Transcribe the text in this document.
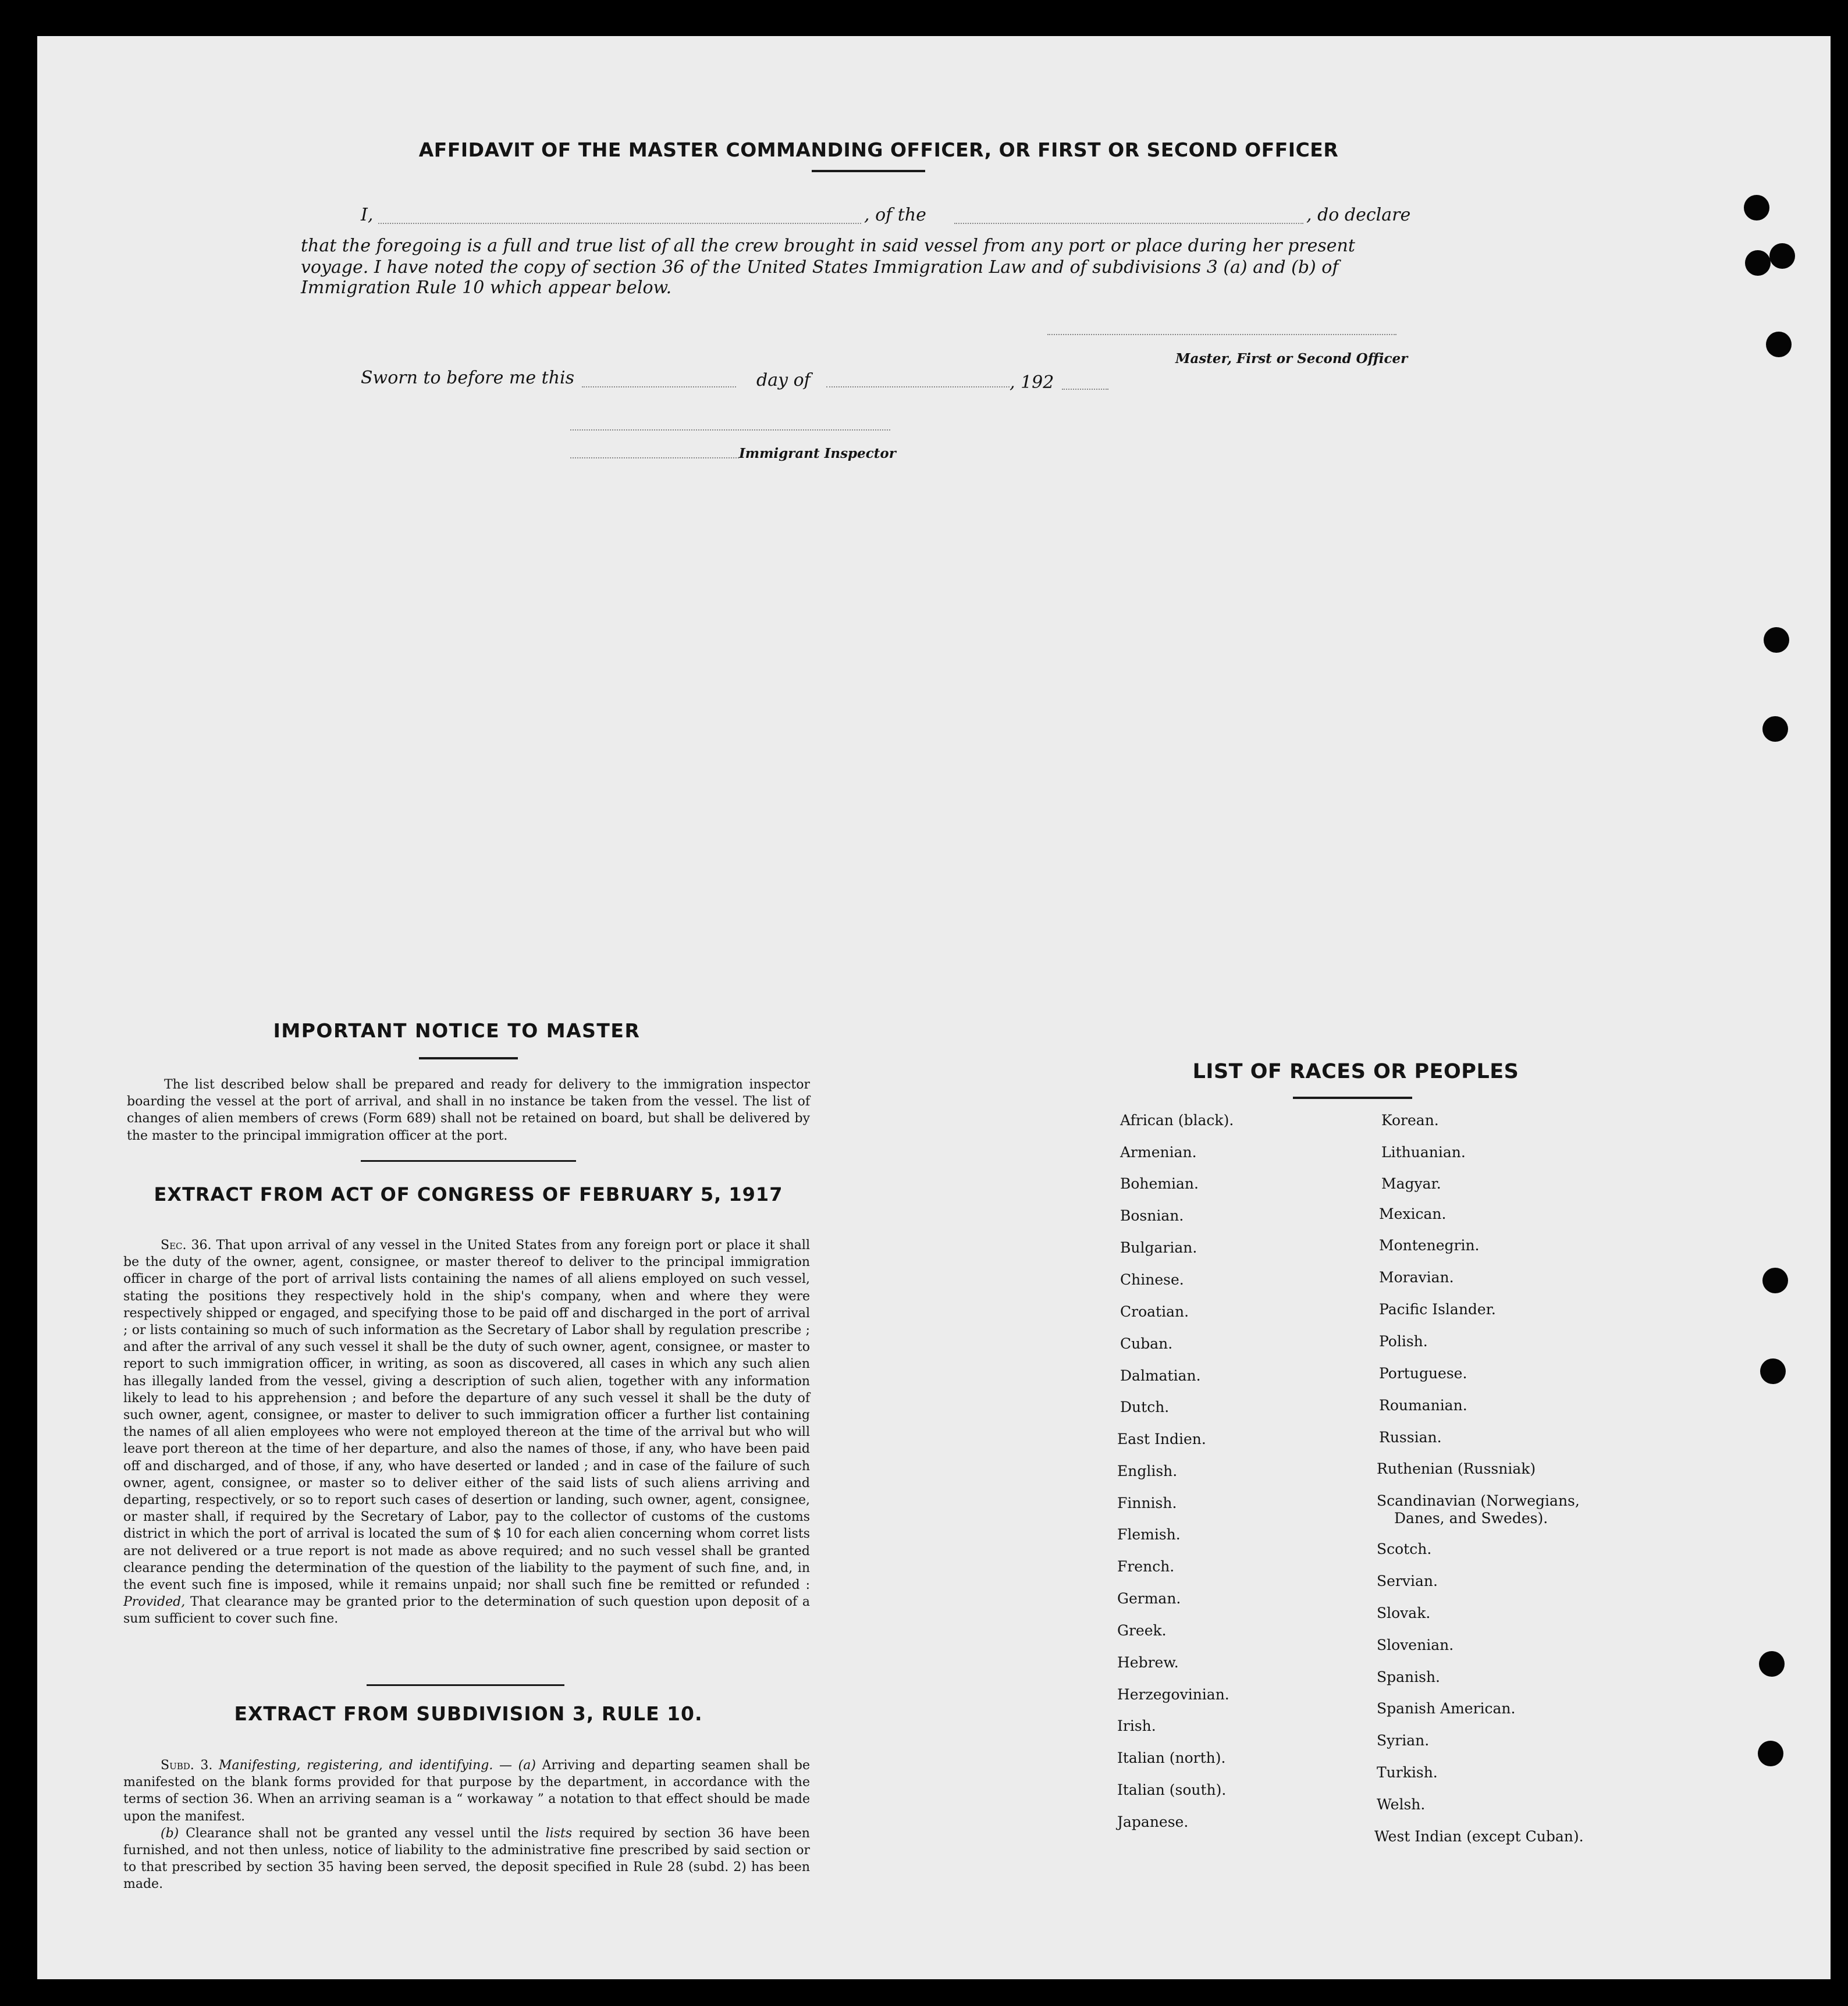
AFFIDAVIT OF THE MASTER COMMANDING OFFICER, OR FIRST OR SECOND OFFICER
I,	, of the	, do declare
that the foregoing is a full and true list of all the crew brought in said vessel from any port or place during her present
voyage. I have noted the copy of section 36 of the United States Immigration Law and of subdivisions 3 (a) and (b) of
Immigration Rule 10 which appear below.
Master, First or Second Officer
Sworn to before me this	day of	, 192
Immigrant Inspector
IMPORTANT NOTICE TO MASTER

The list described below shall be prepared and ready for delivery to the immigration inspector boarding the vessel at the port of arrival, and shall in no instance be taken from the vessel. The list of changes of alien members of crews (Form 689) shall not be retained on board, but shall be delivered by the master to the principal immigration officer at the port.

EXTRACT FROM ACT OF CONGRESS OF FEBRUARY 5, 1917

Sec. 36. That upon arrival of any vessel in the United States from any foreign port or place it shall be the duty of the owner, agent, consignee, or master thereof to deliver to the principal immigration officer in charge of the port of arrival lists containing the names of all aliens employed on such vessel, stating the positions they respectively hold in the ship's company, when and where they were respectively shipped or engaged, and specifying those to be paid off and discharged in the port of arrival ; or lists containing so much of such information as the Secretary of Labor shall by regulation prescribe ; and after the arrival of any such vessel it shall be the duty of such owner, agent, consignee, or master to report to such immigration officer, in writing, as soon as discovered, all cases in which any such alien has illegally landed from the vessel, giving a description of such alien, together with any information likely to lead to his apprehension ; and before the departure of any such vessel it shall be the duty of such owner, agent, consignee, or master to deliver to such immigration officer a further list containing the names of all alien employees who were not employed thereon at the time of the arrival but who will leave port thereon at the time of her departure, and also the names of those, if any, who have been paid off and discharged, and of those, if any, who have deserted or landed ; and in case of the failure of such owner, agent, consignee, or master so to deliver either of the said lists of such aliens arriving and departing, respectively, or so to report such cases of desertion or landing, such owner, agent, consignee, or master shall, if required by the Secretary of Labor, pay to the collector of customs of the customs district in which the port of arrival is located the sum of $ 10 for each alien concerning whom corret lists are not delivered or a true report is not made as above required; and no such vessel shall be granted clearance pending the determination of the question of the liability to the payment of such fine, and, in the event such fine is imposed, while it remains unpaid; nor shall such fine be remitted or refunded : Provided, That clearance may be granted prior to the determination of such question upon deposit of a sum sufficient to cover such fine.

EXTRACT FROM SUBDIVISION 3, RULE 10.

Subd. 3. Manifesting, registering, and identifying. — (a) Arriving and departing seamen shall be manifested on the blank forms provided for that purpose by the department, in accordance with the terms of section 36. When an arriving seaman is a “ workaway ” a notation to that effect should be made upon the manifest.

(b) Clearance shall not be granted any vessel until the lists required by section 36 have been furnished, and not then unless, notice of liability to the administrative fine prescribed by said section or to that prescribed by section 35 having been served, the deposit specified in Rule 28 (subd. 2) has been made.

LIST OF RACES OR PEOPLES
African (black).
Armenian.
Bohemian.
Bosnian.
Bulgarian.
Chinese.
Croatian.
Cuban.
Dalmatian.
Dutch.
East Indien.
English.
Finnish.
Flemish.
French.
German.
Greek.
Hebrew.
Herzegovinian.
Irish.
Italian (north).
Italian (south).
Japanese.
Korean.
Lithuanian.
Magyar.
Mexican.
Montenegrin.
Moravian.
Pacific Islander.
Polish.
Portuguese.
Roumanian.
Russian.
Ruthenian (Russniak)
Scandinavian (Norwegians,
Danes, and Swedes).
Scotch.
Servian.
Slovak.
Slovenian.
Spanish.
Spanish American.
Syrian.
Turkish.
Welsh.
West Indian (except Cuban).
